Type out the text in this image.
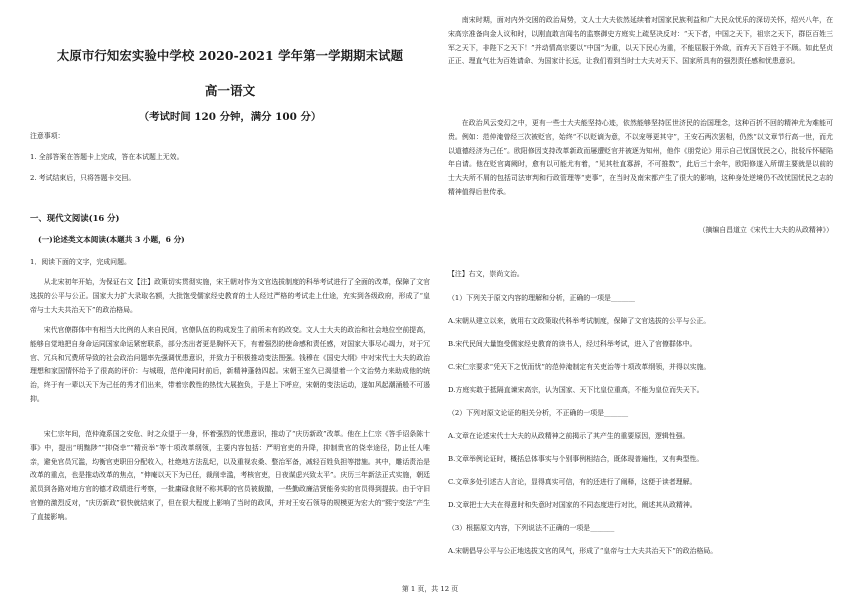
太原市行知宏实验中学校 2020-2021 学年第一学期期末试题
高一语文
（考试时间 120 分钟，满分 100 分）
注意事项：
1. 全部答案在答题卡上完成，答在本试题上无效。
2. 考试结束后，只将答题卡交回。
一、现代文阅读(16 分)
(一)论述类文本阅读(本题共 3 小题，6 分)
1．阅读下面的文字，完成问题。
从北宋初年开始，为保证右文【注】政策切实贯彻实施，宋王朝对作为文官选拔制度的科举考试进行了全面的改革，保障了文官选拔的公平与公正。国家大力扩大录取名额，大批饱受儒家经史教育的士人经过严格的考试走上仕途，充实到各级政府，形成了“皇帝与士大夫共治天下”的政治格局。
宋代官僚群体中有相当大比例的人来自民间，官僚队伍的构成发生了前所未有的改变。文人士大夫的政治和社会地位空前提高，能够自觉地把自身命运同国家命运紧密联系，部分杰出者更是胸怀天下，有着强烈的使命感和责任感，对国家大事尽心竭力，对于冗官、冗兵和冗费所导致的社会政治问题率先强调忧患意识，并致力于积极推动变法图强。钱穆在《国史大纲》中对宋代士大夫的政治理想和家国情怀给予了很高的评价：与城瑕，范仲淹同时前后，新精神蓬勃四起。宋朝王室久已渴望着一个文治势力来助成他的统治，终于有一辈以天下为己任的秀才们出来，带着宗教性的热忱大展抱负，于是上下呼应，宋朝的变法运动，遂如风起潮涌般不可遏抑。
宋仁宗年间，范仲淹系国之安危、时之众望于一身，怀着强烈的忧患意识，推动了“庆历新政”改革。他在上仁宗《答手诏条陈十事》中，提出“明黜陟”“抑侥幸”“精贡举”等十项改革纲领，主要内容包括：严明官吏的升降，抑制贵官的侥幸途径，防止任人唯亲，避免官员冗滥，均衡官吏职田分配收入，杜绝地方法乱纪，以及重视农桑、整治军备，减轻百姓负担等措施。其中，雕话责治是改革的重点，也是推动改革的焦点，“伸庵以天下为已任，裁削幸滥，考核官吏，日夜谋虑兴致太平”。庆历三年新法正式实施，朝廷派员到各路对地方官的德才政绩进行考察，一批庸碌食财不称其职的官员被裁撤，一些勤政廉洁贤能务实的官员得到提拔。由于守旧官僚的激烈反对，“庆历新政”很快就结束了，但在很大程度上影响了当时的政风，并对王安石领导的规模更为宏大的“熙宁变法”产生了直接影响。
南宋时期，面对内外交困的政治局势，文人士大夫依然延续着对国家民族利益和广大民众忧乐的深切关怀，绍兴八年，在宋高宗准备向金人议和时，以刚直敢言闻名的监察御史方庭实上疏坚决反对：“天下者，中国之天下，祖宗之天下，群臣百姓三军之天下，非陛下之天下！”并动情高宗要以“中国”为重，以天下民心为重，不能屈服于外敌，而弃天下百姓于不顾。如此坚贞正正、理直气壮为百姓请命、为国家计长远，让我们看到当时士大夫对天下、国家所具有的强烈责任感和忧患意识。
在政治风云变幻之中，更有一些士大夫能坚持心迹，依然能够坚持匡世济民的治国理念，这种百折不回的精神尤为难能可贵。例如：范仲淹曾经三次被贬官，始终“不以贬谪为意，不以宠辱更其守”，王安石两次罢相，仍然“以文章节行高一世，而尤以道德经济为己任”。欧阳修因支持改革新政而屡遭贬官并被逐为知州，他作《朋党论》用示自己忧国忧民之心，批驳斥怀疑陷年自请。他在贬官离阙时，愈有以可能尤有着，“见其杜直寡辞，不可推数”，此后三十余年，欧阳修遂入所谓主要就是以前的士大夫所不屑的包括司法审判和行政管理等“吏事”，在当时及南宋都产生了很大的影响，这种身处逆境仍不改忧国忧民之志的精神值得后世传承。
（摘编自昌道立《宋代士大夫的从政精神》）
【注】右文，崇尚文治。
（1）下列关于原文内容的理解和分析，正确的一项是_______
A.宋朝从建立以来，就用右文政策取代科举考试制度，保障了文官选拔的公平与公正。
B.宋代民间大量饱受儒家经史教育的读书人，经过科举考试，进入了官僚群体中。
C.宋仁宗要求“凭天下之忧而忧”的范仲淹制定有关吏治等十项改革纲领，并得以实施。
D.方庭实敢于抵隔直谏宋高宗，认为国家、天下比皇位重高，不能为皇位而失天下。
（2）下列对原文论证的相关分析，不正确的一项是_______
A.文章在论述宋代士大夫的从政精神之前揭示了其产生的重要原因，逻辑性强。
B.文章举例论证时，概括总体事实与个别事例相结合，既体现普遍性，又有典型性。
C.文章多处引述古人言论，显得真实可信，有的还进行了阐释，这便于读者理解。
D.文章把士大夫在得意时和失意时对国家的不同态度进行对比，阐述其从政精神。
（3）根据原文内容，下列说法不正确的一项是_______
A.宋朝倡导公平与公正地选拔文官的风气，形成了“皇帝与士大夫共治天下”的政治格局。
第 1 页，共 12 页
